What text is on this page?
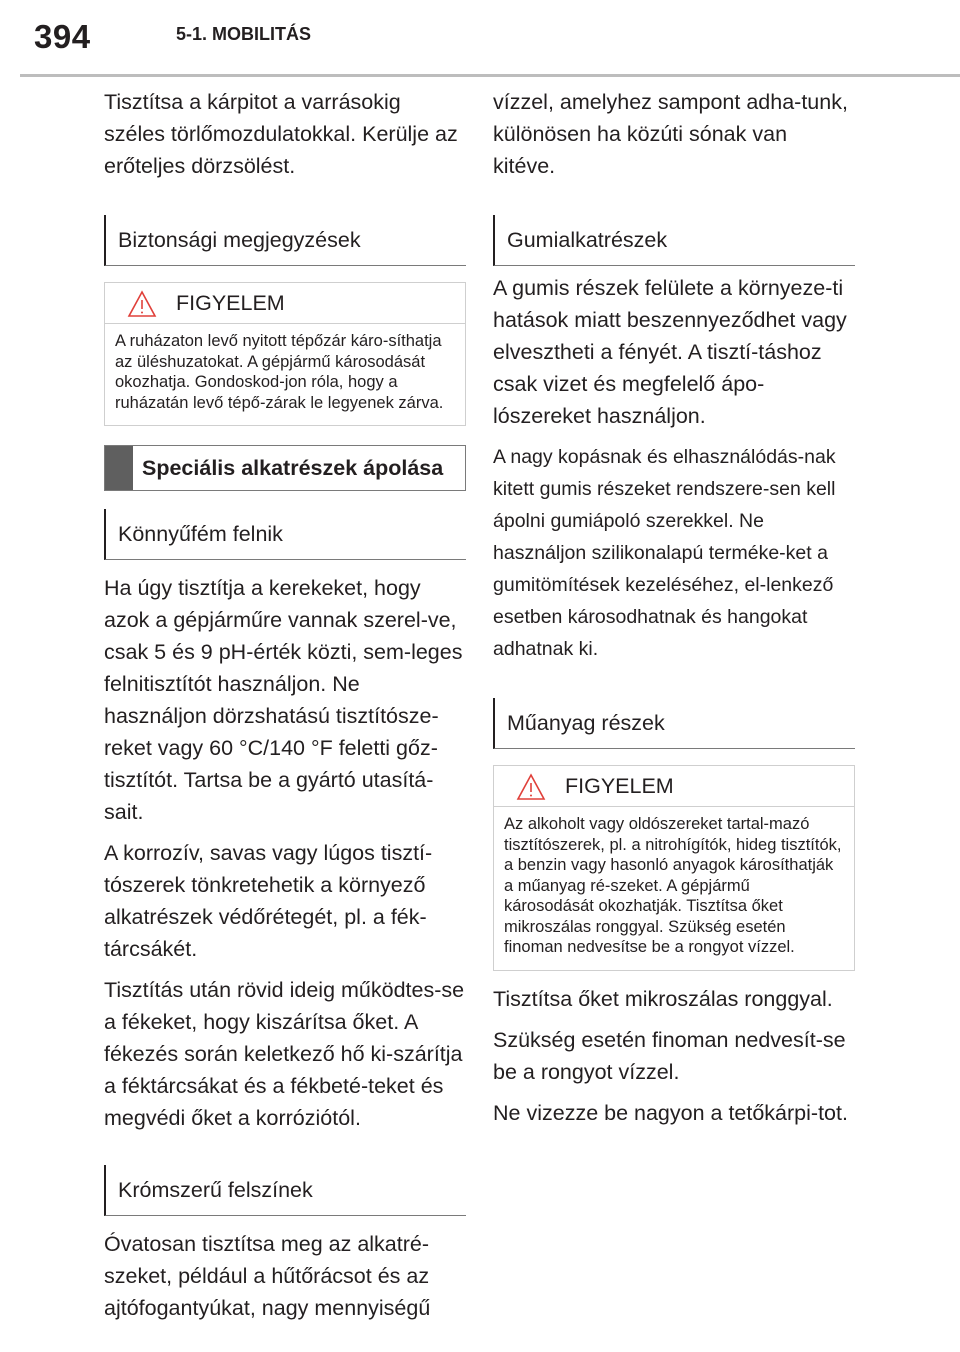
394	5-1. MOBILITÁS

Tisztítsa a kárpitot a varrásokig széles törlőmozdulatokkal. Kerülje az erőteljes dörzsölést.

Biztonsági megjegyzések
FIGYELEM
A ruházaton levő nyitott tépőzár káro-síthatja az üléshuzatokat. A gépjármű károsodását okozhatja. Gondoskod-jon róla, hogy a ruházatán levő tépő-zárak le legyenek zárva.
Speciális alkatrészek ápolása
Könnyűfém felnik

Ha úgy tisztítja a kerekeket, hogy azok a gépjárműre vannak szerel-ve, csak 5 és 9 pH-érték közti, sem-leges felnitisztítót használjon. Ne használjon dörzshatású tisztítósze-reket vagy 60 °C/140 °F feletti gőz-tisztítót. Tartsa be a gyártó utasítá-sait.

A korrozív, savas vagy lúgos tisztí-tószerek tönkretehetik a környező alkatrészek védőrétegét, pl. a fék-tárcsákét.

Tisztítás után rövid ideig működtes-se a fékeket, hogy kiszárítsa őket. A fékezés során keletkező hő ki-szárítja a féktárcsákat és a fékbeté-teket és megvédi őket a korróziótól.

Krómszerű felszínek

Óvatosan tisztítsa meg az alkatré-szeket, például a hűtőrácsot és az ajtófogantyúkat, nagy mennyiségű

vízzel, amelyhez sampont adha-tunk, különösen ha közúti sónak van kitéve.

Gumialkatrészek

A gumis részek felülete a környeze-ti hatások miatt beszennyeződhet vagy elvesztheti a fényét. A tisztí-táshoz csak vizet és megfelelő ápo-lószereket használjon.

A nagy kopásnak és elhasználódás-nak kitett gumis részeket rendszere-sen kell ápolni gumiápoló szerekkel. Ne használjon szilikonalapú terméke-ket a gumitömítések kezeléséhez, el-lenkező esetben károsodhatnak és hangokat adhatnak ki.

Műanyag részek
FIGYELEM
Az alkoholt vagy oldószereket tartal-mazó tisztítószerek, pl. a nitrohígítók, hideg tisztítók, a benzin vagy hasonló anyagok károsíthatják a műanyag ré-szeket. A gépjármű károsodását okozhatják. Tisztítsa őket mikroszálas ronggyal. Szükség esetén finoman nedvesítse be a rongyot vízzel.

Tisztítsa őket mikroszálas ronggyal.

Szükség esetén finoman nedvesít-se be a rongyot vízzel.

Ne vizezze be nagyon a tetőkárpi-tot.
